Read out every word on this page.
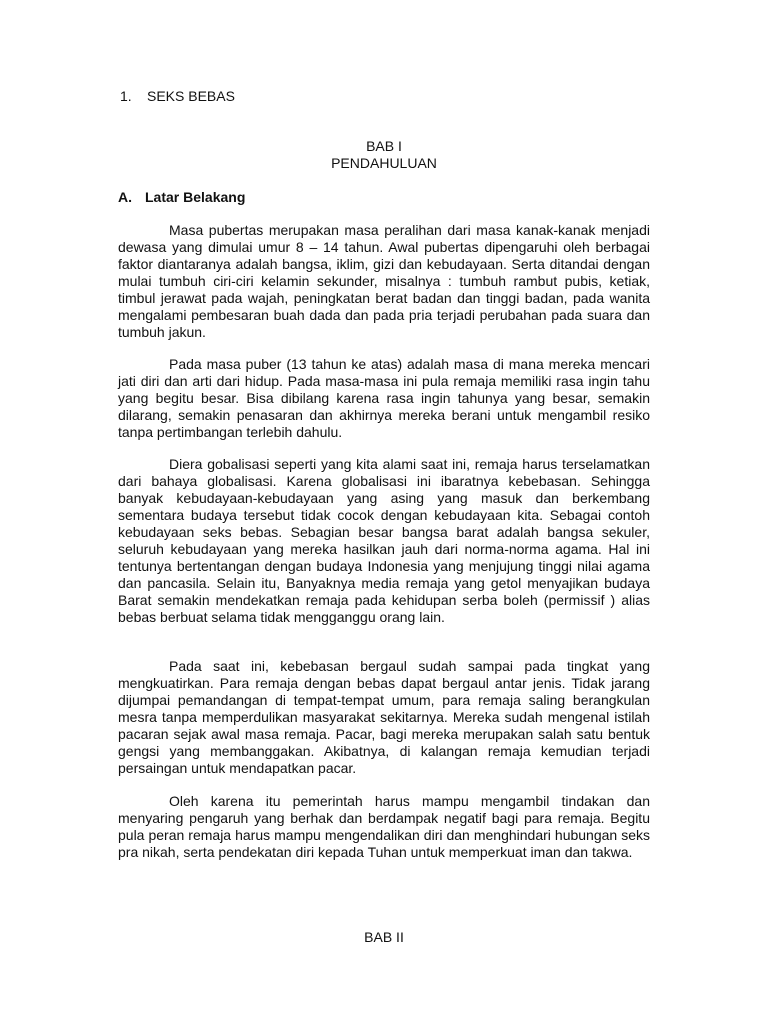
1. SEKS BEBAS
BAB I
PENDAHULUAN
A. Latar Belakang

Masa pubertas merupakan masa peralihan dari masa kanak-kanak menjadi dewasa yang dimulai umur 8 – 14 tahun. Awal pubertas dipengaruhi oleh berbagai faktor diantaranya adalah bangsa, iklim, gizi dan kebudayaan. Serta ditandai dengan mulai tumbuh ciri-ciri kelamin sekunder, misalnya : tumbuh rambut pubis, ketiak, timbul jerawat pada wajah, peningkatan berat badan dan tinggi badan, pada wanita mengalami pembesaran buah dada dan pada pria terjadi perubahan pada suara dan tumbuh jakun.

Pada masa puber (13 tahun ke atas) adalah masa di mana mereka mencari jati diri dan arti dari hidup. Pada masa-masa ini pula remaja memiliki rasa ingin tahu yang begitu besar. Bisa dibilang karena rasa ingin tahunya yang besar, semakin dilarang, semakin penasaran dan akhirnya mereka berani untuk mengambil resiko tanpa pertimbangan terlebih dahulu.

Diera gobalisasi seperti yang kita alami saat ini, remaja harus terselamatkan dari bahaya globalisasi. Karena globalisasi ini ibaratnya kebebasan. Sehingga banyak kebudayaan-kebudayaan yang asing yang masuk dan berkembang sementara budaya tersebut tidak cocok dengan kebudayaan kita. Sebagai contoh kebudayaan seks bebas. Sebagian besar bangsa barat adalah bangsa sekuler, seluruh kebudayaan yang mereka hasilkan jauh dari norma-norma agama. Hal ini tentunya bertentangan dengan budaya Indonesia yang menjujung tinggi nilai agama dan pancasila. Selain itu, Banyaknya media remaja yang getol menyajikan budaya Barat semakin mendekatkan remaja pada kehidupan serba boleh (permissif ) alias bebas berbuat selama tidak mengganggu orang lain.

Pada saat ini, kebebasan bergaul sudah sampai pada tingkat yang mengkuatirkan. Para remaja dengan bebas dapat bergaul antar jenis. Tidak jarang dijumpai pemandangan di tempat-tempat umum, para remaja saling berangkulan mesra tanpa memperdulikan masyarakat sekitarnya. Mereka sudah mengenal istilah pacaran sejak awal masa remaja. Pacar, bagi mereka merupakan salah satu bentuk gengsi yang membanggakan. Akibatnya, di kalangan remaja kemudian terjadi persaingan untuk mendapatkan pacar.

Oleh karena itu pemerintah harus mampu mengambil tindakan dan menyaring pengaruh yang berhak dan berdampak negatif bagi para remaja. Begitu pula peran remaja harus mampu mengendalikan diri dan menghindari hubungan seks pra nikah, serta pendekatan diri kepada Tuhan untuk memperkuat iman dan takwa.

BAB II
